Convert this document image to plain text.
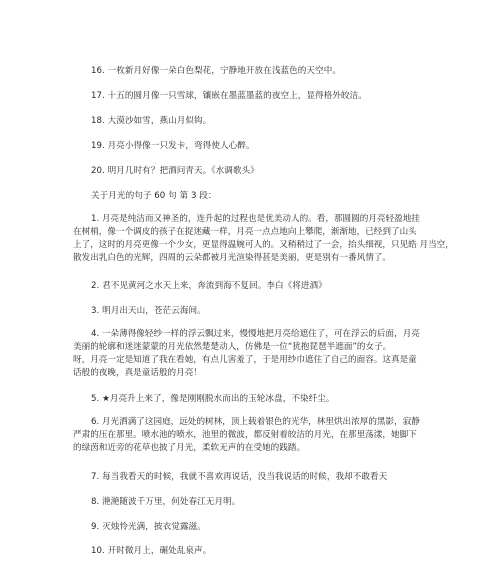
16. 一枚新月好像一朵白色梨花，宁静地开放在浅蓝色的天空中。

17. 十五的圆月像一只雪球，镶嵌在墨蓝墨蓝的夜空上，显得格外皎洁。

18. 大漠沙如雪，燕山月似钩。

19. 月亮小得像一只发卡，弯得使人心醉。

20. 明月几时有？把酒问青天。《水调歌头》

关于月光的句子 60 句 第 3 段：

1. 月亮是纯洁而又神圣的，连升起的过程也是优美动人的。看，那圆圆的月亮轻盈地挂
在树梢，像一个调皮的孩子在捉迷藏一样，月亮一点点地向上攀爬，渐渐地，已经到了山头
上了，这时的月亮更像一个少女，更显得温婉可人的。又稍稍过了一会，抬头细视，只见皓 月当空，
散发出乳白色的光辉，四周的云朵都被月光渲染得甚是美丽，更是别有一番风情了。

2. 君不见黄河之水天上来，奔流到海不复回。李白《将进酒》

3. 明月出天山，苍茫云海间。

4. 一朵薄得像轻纱一样的浮云飘过来，慢慢地把月亮给遮住了，可在浮云的后面，月亮
美丽的轮廓和迷迷蒙蒙的月光依然楚楚动人，仿佛是一位“犹抱琵琶半遮面”的女子。
呀，月亮一定是知道了我在看她，有点儿害羞了，于是用纱巾遮住了自己的面容。这真是童
话般的夜晚，真是童话般的月亮！

5. ★月亮升上来了，像是刚刚脱水而出的玉轮冰盘，不染纤尘。

6. 月光洒满了这园庭，远处的树林，顶上载着银色的光华，林里烘出浓厚的黑影，寂静
严肃的压在那里。喷水池的喷水，池里的微波，都反射着皎洁的月光，在那里荡漾，她脚下
的绿茵和近旁的花草也披了月光，柔软无声的在受她的践踏。

7. 每当我看天的时候，我就不喜欢再说话，没当我说话的时候，我却不敢看天

8. 滟滟随波千万里，何处春江无月明。

9. 灭烛怜光满，披衣觉露滋。

10. 开时微月上，碾处乱泉声。
